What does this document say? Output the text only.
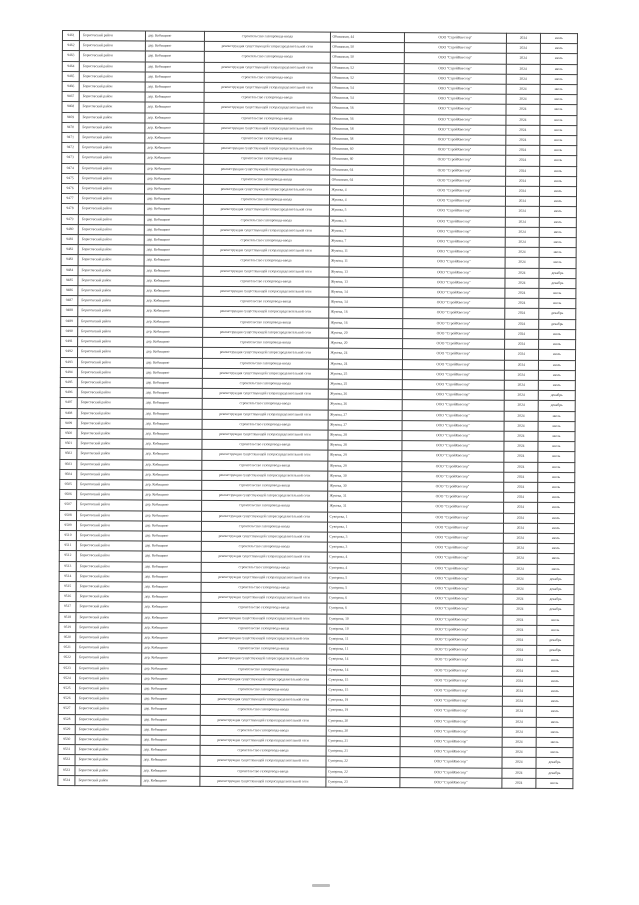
9461	Борисовский район	дер. Кобищино	строительство газопровода-ввода	Обшинная, 44	ООО "СтройКвестор"	2024	июль
9462	Борисовский район	дер. Кобищино	реконструкция существующей газораспределительной сети	Обшинная, 50	ООО "СтройКвестор"	2024	июль
9463	Борисовский район	дер. Кобищино	строительство газопровода-ввода	Обшинная, 50	ООО "СтройКвестор"	2024	июль
9464	Борисовский район	дер. Кобищино	реконструкция существующей газораспределительной сети	Обшинная, 52	ООО "СтройКвестор"	2024	июль
9465	Борисовский район	дер. Кобищино	строительство газопровода-ввода	Обшинная, 52	ООО "СтройКвестор"	2024	июль
9466	Борисовский район	дер. Кобищино	реконструкция существующей газораспределительной сети	Обшинная, 54	ООО "СтройКвестор"	2024	июль
9467	Борисовский район	дер. Кобищино	строительство газопровода-ввода	Обшинная, 54	ООО "СтройКвестор"	2024	июль
9468	Борисовский район	дер. Кобищино	реконструкция существующей газораспределительной сети	Обшинная, 56	ООО "СтройКвестор"	2024	июль
9469	Борисовский район	дер. Кобищино	строительство газопровода-ввода	Обшинная, 56	ООО "СтройКвестор"	2024	июль
9470	Борисовский район	дер. Кобищино	реконструкция существующей газораспределительной сети	Обшинная, 58	ООО "СтройКвестор"	2024	июль
9471	Борисовский район	дер. Кобищино	строительство газопровода-ввода	Обшинная, 58	ООО "СтройКвестор"	2024	июль
9472	Борисовский район	дер. Кобищино	реконструкция существующей газораспределительной сети	Обшинная, 60	ООО "СтройКвестор"	2024	июль
9473	Борисовский район	дер. Кобищино	строительство газопровода-ввода	Обшинная, 60	ООО "СтройКвестор"	2024	июль
9474	Борисовский район	дер. Кобищино	реконструкция существующей газораспределительной сети	Обшинная, 64	ООО "СтройКвестор"	2024	июль
9475	Борисовский район	дер. Кобищино	строительство газопровода-ввода	Обшинная, 64	ООО "СтройКвестор"	2024	июль
9476	Борисовский район	дер. Кобищино	реконструкция существующей газораспределительной сети	Жукова, 4	ООО "СтройКвестор"	2024	июль
9477	Борисовский район	дер. Кобищино	строительство газопровода-ввода	Жукова, 4	ООО "СтройКвестор"	2024	июль
9478	Борисовский район	дер. Кобищино	реконструкция существующей газораспределительной сети	Жукова, 5	ООО "СтройКвестор"	2024	июль
9479	Борисовский район	дер. Кобищино	строительство газопровода-ввода	Жукова, 5	ООО "СтройКвестор"	2024	июль
9480	Борисовский район	дер. Кобищино	реконструкция существующей газораспределительной сети	Жукова, 7	ООО "СтройКвестор"	2024	июль
9481	Борисовский район	дер. Кобищино	строительство газопровода-ввода	Жукова, 7	ООО "СтройКвестор"	2024	июль
9482	Борисовский район	дер. Кобищино	реконструкция существующей газораспределительной сети	Жукова, 11	ООО "СтройКвестор"	2024	июль
9483	Борисовский район	дер. Кобищино	строительство газопровода-ввода	Жукова, 11	ООО "СтройКвестор"	2024	июль
9484	Борисовский район	дер. Кобищино	реконструкция существующей газораспределительной сети	Жукова, 13	ООО "СтройКвестор"	2024	декабрь
9485	Борисовский район	дер. Кобищино	строительство газопровода-ввода	Жукова, 13	ООО "СтройКвестор"	2024	декабрь
9486	Борисовский район	дер. Кобищино	реконструкция существующей газораспределительной сети	Жукова, 14	ООО "СтройКвестор"	2024	июль
9487	Борисовский район	дер. Кобищино	строительство газопровода-ввода	Жукова, 14	ООО "СтройКвестор"	2024	июль
9488	Борисовский район	дер. Кобищино	реконструкция существующей газораспределительной сети	Жукова, 16	ООО "СтройКвестор"	2024	декабрь
9489	Борисовский район	дер. Кобищино	строительство газопровода-ввода	Жукова, 16	ООО "СтройКвестор"	2024	декабрь
9490	Борисовский район	дер. Кобищино	реконструкция существующей газораспределительной сети	Жукова, 20	ООО "СтройКвестор"	2024	июль
9491	Борисовский район	дер. Кобищино	строительство газопровода-ввода	Жукова, 20	ООО "СтройКвестор"	2024	июль
9492	Борисовский район	дер. Кобищино	реконструкция существующей газораспределительной сети	Жукова, 24	ООО "СтройКвестор"	2024	июль
9493	Борисовский район	дер. Кобищино	строительство газопровода-ввода	Жукова, 24	ООО "СтройКвестор"	2024	июль
9494	Борисовский район	дер. Кобищино	реконструкция существующей газораспределительной сети	Жукова, 25	ООО "СтройКвестор"	2024	июль
9495	Борисовский район	дер. Кобищино	строительство газопровода-ввода	Жукова, 25	ООО "СтройКвестор"	2024	июль
9496	Борисовский район	дер. Кобищино	реконструкция существующей газораспределительной сети	Жукова, 26	ООО "СтройКвестор"	2024	декабрь
9497	Борисовский район	дер. Кобищино	строительство газопровода-ввода	Жукова, 26	ООО "СтройКвестор"	2024	декабрь
9498	Борисовский район	дер. Кобищино	реконструкция существующей газораспределительной сети	Жукова, 27	ООО "СтройКвестор"	2024	июль
9499	Борисовский район	дер. Кобищино	строительство газопровода-ввода	Жукова, 27	ООО "СтройКвестор"	2024	июль
9500	Борисовский район	дер. Кобищино	реконструкция существующей газораспределительной сети	Жукова, 28	ООО "СтройКвестор"	2024	июль
9501	Борисовский район	дер. Кобищино	строительство газопровода-ввода	Жукова, 28	ООО "СтройКвестор"	2024	июль
9502	Борисовский район	дер. Кобищино	реконструкция существующей газораспределительной сети	Жукова, 29	ООО "СтройКвестор"	2024	июль
9503	Борисовский район	дер. Кобищино	строительство газопровода-ввода	Жукова, 29	ООО "СтройКвестор"	2024	июль
9504	Борисовский район	дер. Кобищино	реконструкция существующей газораспределительной сети	Жукова, 30	ООО "СтройКвестор"	2024	июль
9505	Борисовский район	дер. Кобищино	строительство газопровода-ввода	Жукова, 30	ООО "СтройКвестор"	2024	июль
9506	Борисовский район	дер. Кобищино	реконструкция существующей газораспределительной сети	Жукова, 31	ООО "СтройКвестор"	2024	июль
9507	Борисовский район	дер. Кобищино	строительство газопровода-ввода	Жукова, 31	ООО "СтройКвестор"	2024	июль
9508	Борисовский район	дер. Кобищино	реконструкция существующей газораспределительной сети	Суворова, 1	ООО "СтройКвестор"	2024	июль
9509	Борисовский район	дер. Кобищино	строительство газопровода-ввода	Суворова, 1	ООО "СтройКвестор"	2024	июль
9510	Борисовский район	дер. Кобищино	реконструкция существующей газораспределительной сети	Суворова, 3	ООО "СтройКвестор"	2024	июль
9511	Борисовский район	дер. Кобищино	строительство газопровода-ввода	Суворова, 3	ООО "СтройКвестор"	2024	июль
9512	Борисовский район	дер. Кобищино	реконструкция существующей газораспределительной сети	Суворова, 4	ООО "СтройКвестор"	2024	июль
9513	Борисовский район	дер. Кобищино	строительство газопровода-ввода	Суворова, 4	ООО "СтройКвестор"	2024	июль
9514	Борисовский район	дер. Кобищино	реконструкция существующей газораспределительной сети	Суворова, 5	ООО "СтройКвестор"	2024	декабрь
9515	Борисовский район	дер. Кобищино	строительство газопровода-ввода	Суворова, 5	ООО "СтройКвестор"	2024	декабрь
9516	Борисовский район	дер. Кобищино	реконструкция существующей газораспределительной сети	Суворова, 6	ООО "СтройКвестор"	2024	декабрь
9517	Борисовский район	дер. Кобищино	строительство газопровода-ввода	Суворова, 6	ООО "СтройКвестор"	2024	декабрь
9518	Борисовский район	дер. Кобищино	реконструкция существующей газораспределительной сети	Суворова, 10	ООО "СтройКвестор"	2024	июль
9519	Борисовский район	дер. Кобищино	строительство газопровода-ввода	Суворова, 10	ООО "СтройКвестор"	2024	июль
9520	Борисовский район	дер. Кобищино	реконструкция существующей газораспределительной сети	Суворова, 11	ООО "СтройКвестор"	2024	декабрь
9521	Борисовский район	дер. Кобищино	строительство газопровода-ввода	Суворова, 11	ООО "СтройКвестор"	2024	декабрь
9522	Борисовский район	дер. Кобищино	реконструкция существующей газораспределительной сети	Суворова, 14	ООО "СтройКвестор"	2024	июль
9523	Борисовский район	дер. Кобищино	строительство газопровода-ввода	Суворова, 14	ООО "СтройКвестор"	2024	июль
9524	Борисовский район	дер. Кобищино	реконструкция существующей газораспределительной сети	Суворова, 15	ООО "СтройКвестор"	2024	июль
9525	Борисовский район	дер. Кобищино	строительство газопровода-ввода	Суворова, 15	ООО "СтройКвестор"	2024	июль
9526	Борисовский район	дер. Кобищино	реконструкция существующей газораспределительной сети	Суворова, 19	ООО "СтройКвестор"	2024	июль
9527	Борисовский район	дер. Кобищино	строительство газопровода-ввода	Суворова, 19	ООО "СтройКвестор"	2024	июль
9528	Борисовский район	дер. Кобищино	реконструкция существующей газораспределительной сети	Суворова, 20	ООО "СтройКвестор"	2024	июль
9529	Борисовский район	дер. Кобищино	строительство газопровода-ввода	Суворова, 20	ООО "СтройКвестор"	2024	июль
9530	Борисовский район	дер. Кобищино	реконструкция существующей газораспределительной сети	Суворова, 21	ООО "СтройКвестор"	2024	июль
9531	Борисовский район	дер. Кобищино	строительство газопровода-ввода	Суворова, 21	ООО "СтройКвестор"	2024	июль
9532	Борисовский район	дер. Кобищино	реконструкция существующей газораспределительной сети	Суворова, 22	ООО "СтройКвестор"	2024	декабрь
9533	Борисовский район	дер. Кобищино	строительство газопровода-ввода	Суворова, 22	ООО "СтройКвестор"	2024	декабрь
9534	Борисовский район	дер. Кобищино	реконструкция существующей газораспределительной сети	Суворова, 23	ООО "СтройКвестор"	2024	июль
